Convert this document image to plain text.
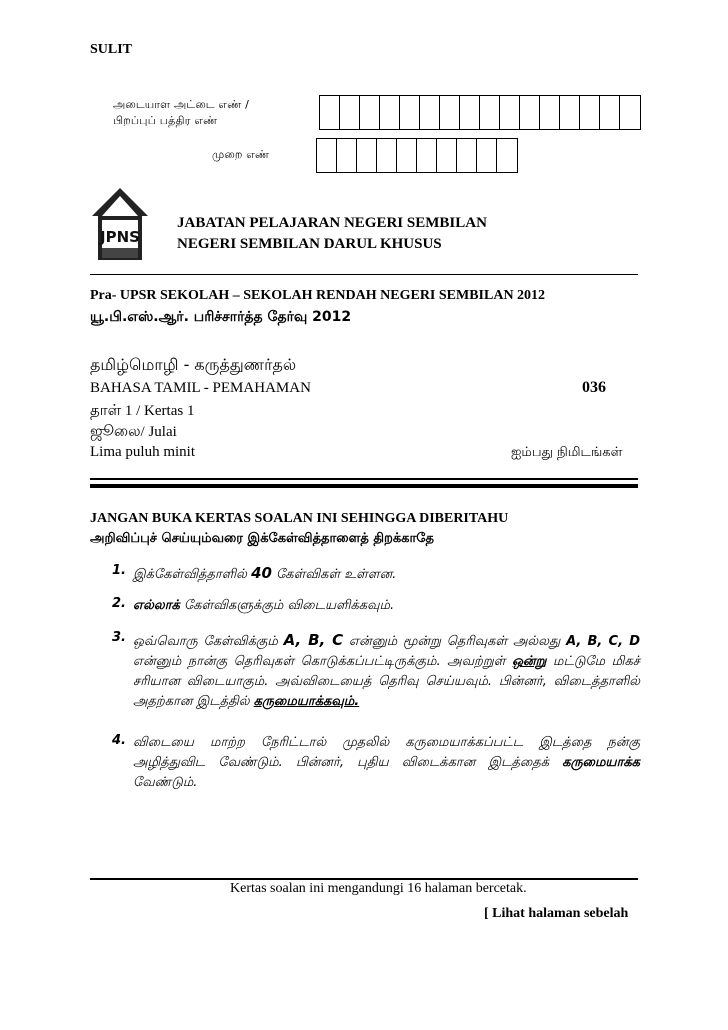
SULIT
அடையாள அட்டை எண் /
பிறப்புப் பத்திர எண்
முறை எண்
JPNS
JABATAN PELAJARAN NEGERI SEMBILAN
NEGERI SEMBILAN DARUL KHUSUS
Pra- UPSR SEKOLAH – SEKOLAH RENDAH NEGERI SEMBILAN 2012
யூ.பி.எஸ்.ஆர். பரிச்சார்த்த தேர்வு 2012
தமிழ்மொழி - கருத்துணர்தல்
BAHASA TAMIL - PEMAHAMAN	036
தாள் 1 / Kertas 1
ஜூலை/ Julai
Lima puluh minit	ஐம்பது நிமிடங்கள்
JANGAN BUKA KERTAS SOALAN INI SEHINGGA DIBERITAHU
அறிவிப்புச் செய்யும்வரை இக்கேள்வித்தாளைத் திறக்காதே
1. இக்கேள்வித்தாளில் 40 கேள்விகள் உள்ளன.
2. எல்லாக் கேள்விகளுக்கும் விடையளிக்கவும்.
3. ஒவ்வொரு கேள்விக்கும் A, B, C என்னும் மூன்று தெரிவுகள் அல்லது A, B, C, D என்னும் நான்கு தெரிவுகள் கொடுக்கப்பட்டிருக்கும். அவற்றுள் ஒன்று மட்டுமே மிகச் சரியான விடையாகும். அவ்விடையைத் தெரிவு செய்யவும். பின்னர், விடைத்தாளில் அதற்கான இடத்தில் கருமையாக்கவும்.
4. விடையை மாற்ற நேரிட்டால் முதலில் கருமையாக்கப்பட்ட இடத்தை நன்கு அழித்துவிட வேண்டும். பின்னர், புதிய விடைக்கான இடத்தைக் கருமையாக்க வேண்டும்.
Kertas soalan ini mengandungi 16 halaman bercetak.
[ Lihat halaman sebelah
